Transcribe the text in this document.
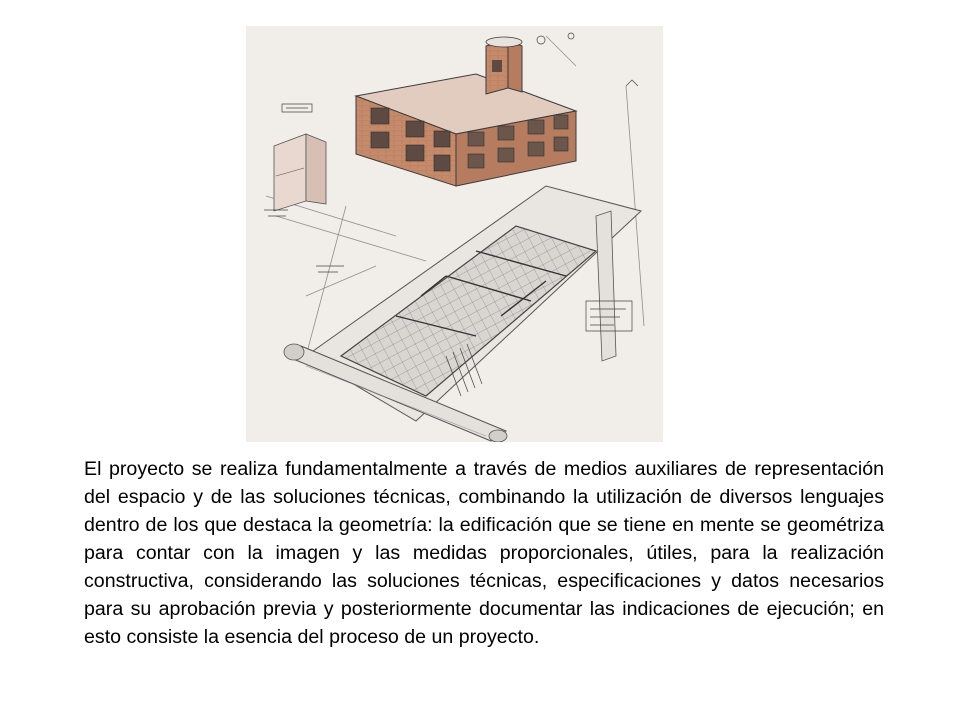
El proyecto se realiza fundamentalmente a través de medios auxiliares de representación del espacio y de las soluciones técnicas, combinando la utilización de diversos lenguajes dentro de los que destaca la geometría: la edificación que se tiene en mente se geométriza para contar con la imagen y las medidas proporcionales, útiles, para la realización constructiva, considerando las soluciones técnicas, especificaciones y datos necesarios para su aprobación previa y posteriormente documentar las indicaciones de ejecución; en esto consiste la esencia del proceso de un proyecto.
